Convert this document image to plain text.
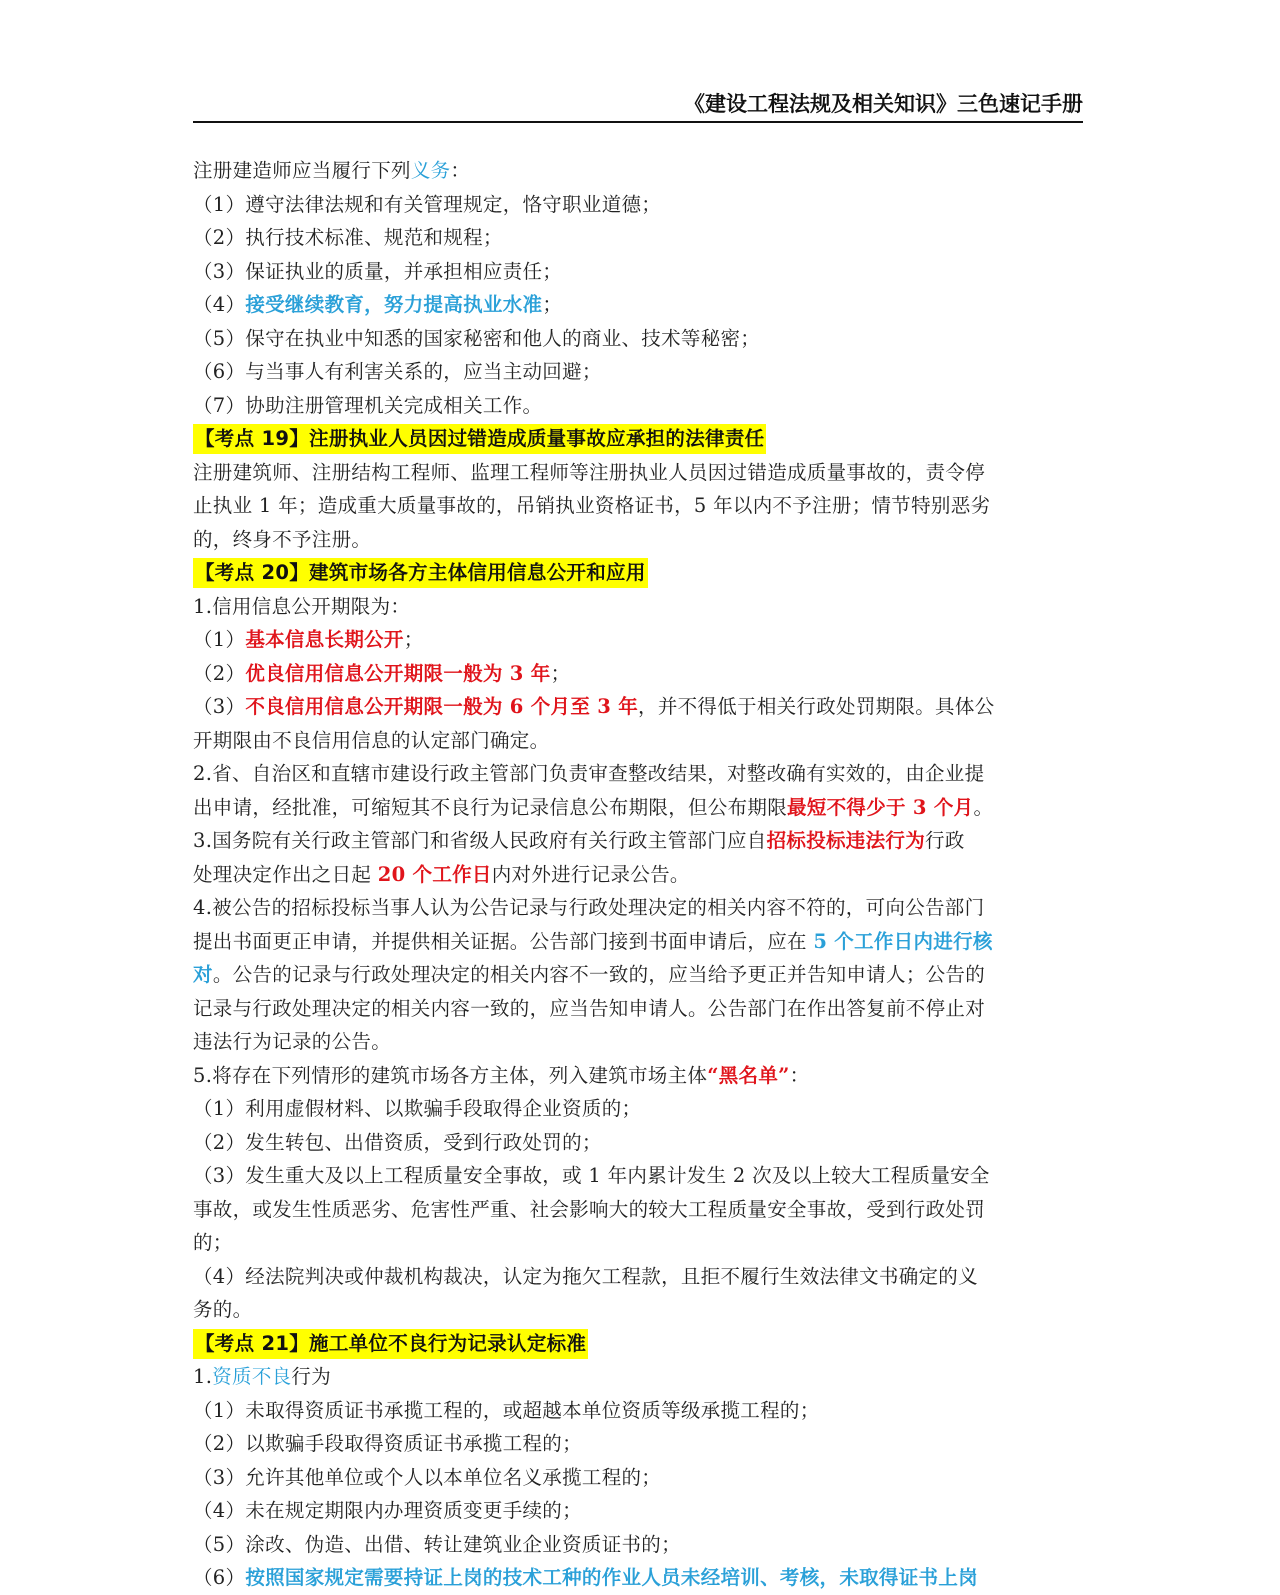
《建设工程法规及相关知识》三色速记手册
注册建造师应当履行下列义务：
（1）遵守法律法规和有关管理规定，恪守职业道德；
（2）执行技术标准、规范和规程；
（3）保证执业的质量，并承担相应责任；
（4）接受继续教育，努力提高执业水准；
（5）保守在执业中知悉的国家秘密和他人的商业、技术等秘密；
（6）与当事人有利害关系的，应当主动回避；
（7）协助注册管理机关完成相关工作。
【考点 19】注册执业人员因过错造成质量事故应承担的法律责任
注册建筑师、注册结构工程师、监理工程师等注册执业人员因过错造成质量事故的，责令停
止执业 1 年；造成重大质量事故的，吊销执业资格证书，5 年以内不予注册；情节特别恶劣
的，终身不予注册。
【考点 20】建筑市场各方主体信用信息公开和应用
1.信用信息公开期限为：
（1）基本信息长期公开；
（2）优良信用信息公开期限一般为 3 年；
（3）不良信用信息公开期限一般为 6 个月至 3 年，并不得低于相关行政处罚期限。具体公
开期限由不良信用信息的认定部门确定。
2.省、自治区和直辖市建设行政主管部门负责审查整改结果，对整改确有实效的，由企业提
出申请，经批准，可缩短其不良行为记录信息公布期限，但公布期限最短不得少于 3 个月。
3.国务院有关行政主管部门和省级人民政府有关行政主管部门应自招标投标违法行为行政
处理决定作出之日起 20 个工作日内对外进行记录公告。
4.被公告的招标投标当事人认为公告记录与行政处理决定的相关内容不符的，可向公告部门
提出书面更正申请，并提供相关证据。公告部门接到书面申请后，应在 5 个工作日内进行核
对。公告的记录与行政处理决定的相关内容不一致的，应当给予更正并告知申请人；公告的
记录与行政处理决定的相关内容一致的，应当告知申请人。公告部门在作出答复前不停止对
违法行为记录的公告。
5.将存在下列情形的建筑市场各方主体，列入建筑市场主体“黑名单”：
（1）利用虚假材料、以欺骗手段取得企业资质的；
（2）发生转包、出借资质，受到行政处罚的；
（3）发生重大及以上工程质量安全事故，或 1 年内累计发生 2 次及以上较大工程质量安全
事故，或发生性质恶劣、危害性严重、社会影响大的较大工程质量安全事故，受到行政处罚
的；
（4）经法院判决或仲裁机构裁决，认定为拖欠工程款，且拒不履行生效法律文书确定的义
务的。
【考点 21】施工单位不良行为记录认定标准
1.资质不良行为
（1）未取得资质证书承揽工程的，或超越本单位资质等级承揽工程的；
（2）以欺骗手段取得资质证书承揽工程的；
（3）允许其他单位或个人以本单位名义承揽工程的；
（4）未在规定期限内办理资质变更手续的；
（5）涂改、伪造、出借、转让建筑业企业资质证书的；
（6）按照国家规定需要持证上岗的技术工种的作业人员未经培训、考核，未取得证书上岗
